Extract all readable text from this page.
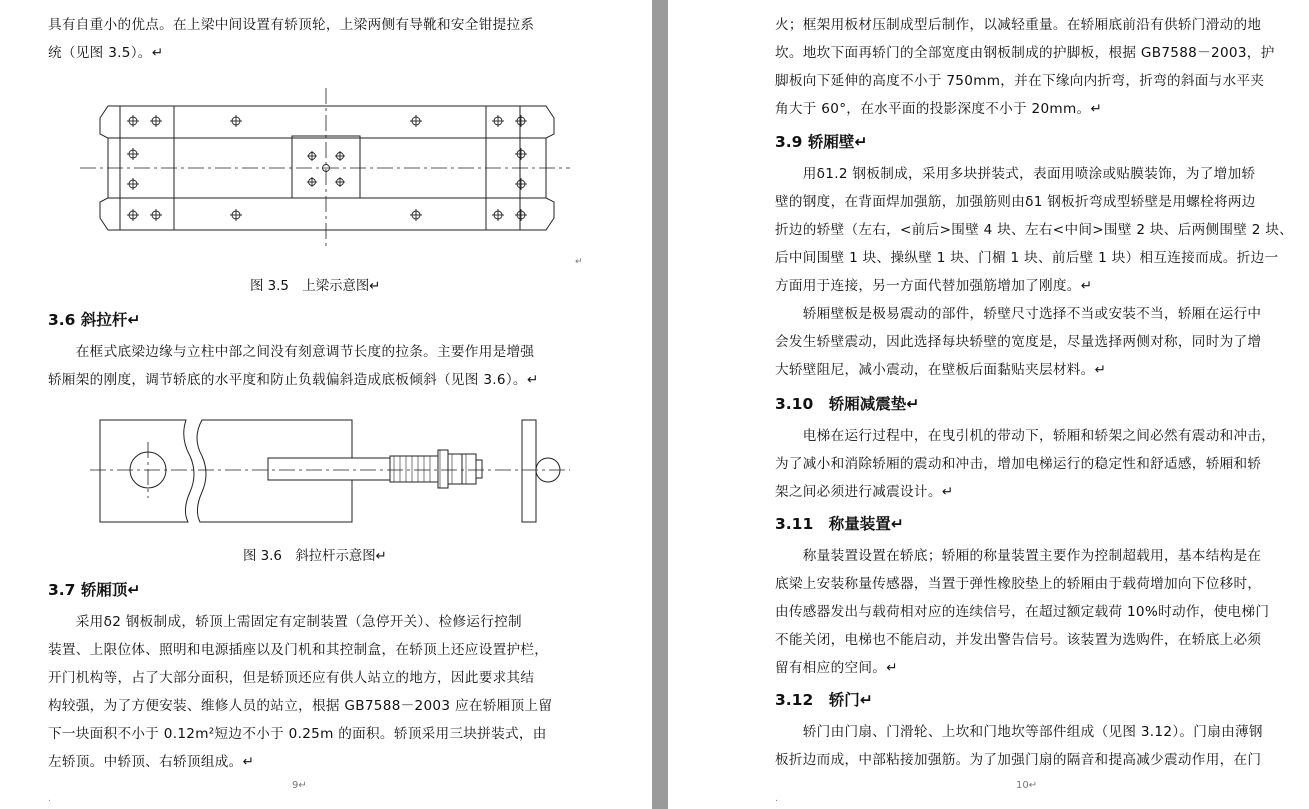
具有自重小的优点。在上梁中间设置有轿顶轮，上梁两侧有导靴和安全钳提拉系
统（见图 3.5）。↵
↵
图 3.5　上梁示意图↵
3.6 斜拉杆↵
　　在框式底梁边缘与立柱中部之间没有刻意调节长度的拉条。主要作用是增强
轿厢架的刚度，调节轿底的水平度和防止负载偏斜造成底板倾斜（见图 3.6）。↵
图 3.6　斜拉杆示意图↵
3.7 轿厢顶↵
　　采用δ2 钢板制成，轿顶上需固定有定制装置（急停开关）、检修运行控制
装置、上限位体、照明和电源插座以及门机和其控制盒，在轿顶上还应设置护栏，
开门机构等，占了大部分面积，但是轿顶还应有供人站立的地方，因此要求其结
构较强，为了方便安装、维修人员的站立，根据 GB7588－2003 应在轿厢顶上留
下一块面积不小于 0.12m²短边不小于 0.25m 的面积。轿顶采用三块拼装式，由
左轿顶。中轿顶、右轿顶组成。↵
9↵
.
火；框架用板材压制成型后制作，以减轻重量。在轿厢底前沿有供轿门滑动的地
坎。地坎下面再轿门的全部宽度由钢板制成的护脚板，根据 GB7588－2003，护
脚板向下延伸的高度不小于 750mm，并在下缘向内折弯，折弯的斜面与水平夹
角大于 60°，在水平面的投影深度不小于 20mm。↵
3.9 轿厢壁↵
　　用δ1.2 钢板制成，采用多块拼装式，表面用喷涂或贴膜装饰，为了增加轿
壁的钢度，在背面焊加强筋，加强筋则由δ1 钢板折弯成型轿壁是用螺栓将两边
折边的轿壁（左右，<前后>围壁 4 块、左右<中间>围壁 2 块、后两侧围壁 2 块、
后中间围壁 1 块、操纵壁 1 块、门楣 1 块、前后壁 1 块）相互连接而成。折边一
方面用于连接，另一方面代替加强筋增加了刚度。↵
　　轿厢壁板是极易震动的部件，轿壁尺寸选择不当或安装不当，轿厢在运行中
会发生轿壁震动，因此选择每块轿壁的宽度是，尽量选择两侧对称，同时为了增
大轿壁阻尼，减小震动，在壁板后面黏贴夹层材料。↵
3.10　轿厢减震垫↵
　　电梯在运行过程中，在曳引机的带动下，轿厢和轿架之间必然有震动和冲击，
为了减小和消除轿厢的震动和冲击，增加电梯运行的稳定性和舒适感，轿厢和轿
架之间必须进行减震设计。↵
3.11　称量装置↵
　　称量装置设置在轿底；轿厢的称量装置主要作为控制超载用，基本结构是在
底梁上安装称量传感器，当置于弹性橡胶垫上的轿厢由于载荷增加向下位移时，
由传感器发出与载荷相对应的连续信号，在超过额定载荷 10%时动作，使电梯门
不能关闭，电梯也不能启动，并发出警告信号。该装置为选购件，在轿底上必须
留有相应的空间。↵
3.12　轿门↵
　　轿门由门扇、门滑轮、上坎和门地坎等部件组成（见图 3.12）。门扇由薄钢
板折边而成，中部粘接加强筋。为了加强门扇的隔音和提高减少震动作用，在门
10↵
.
